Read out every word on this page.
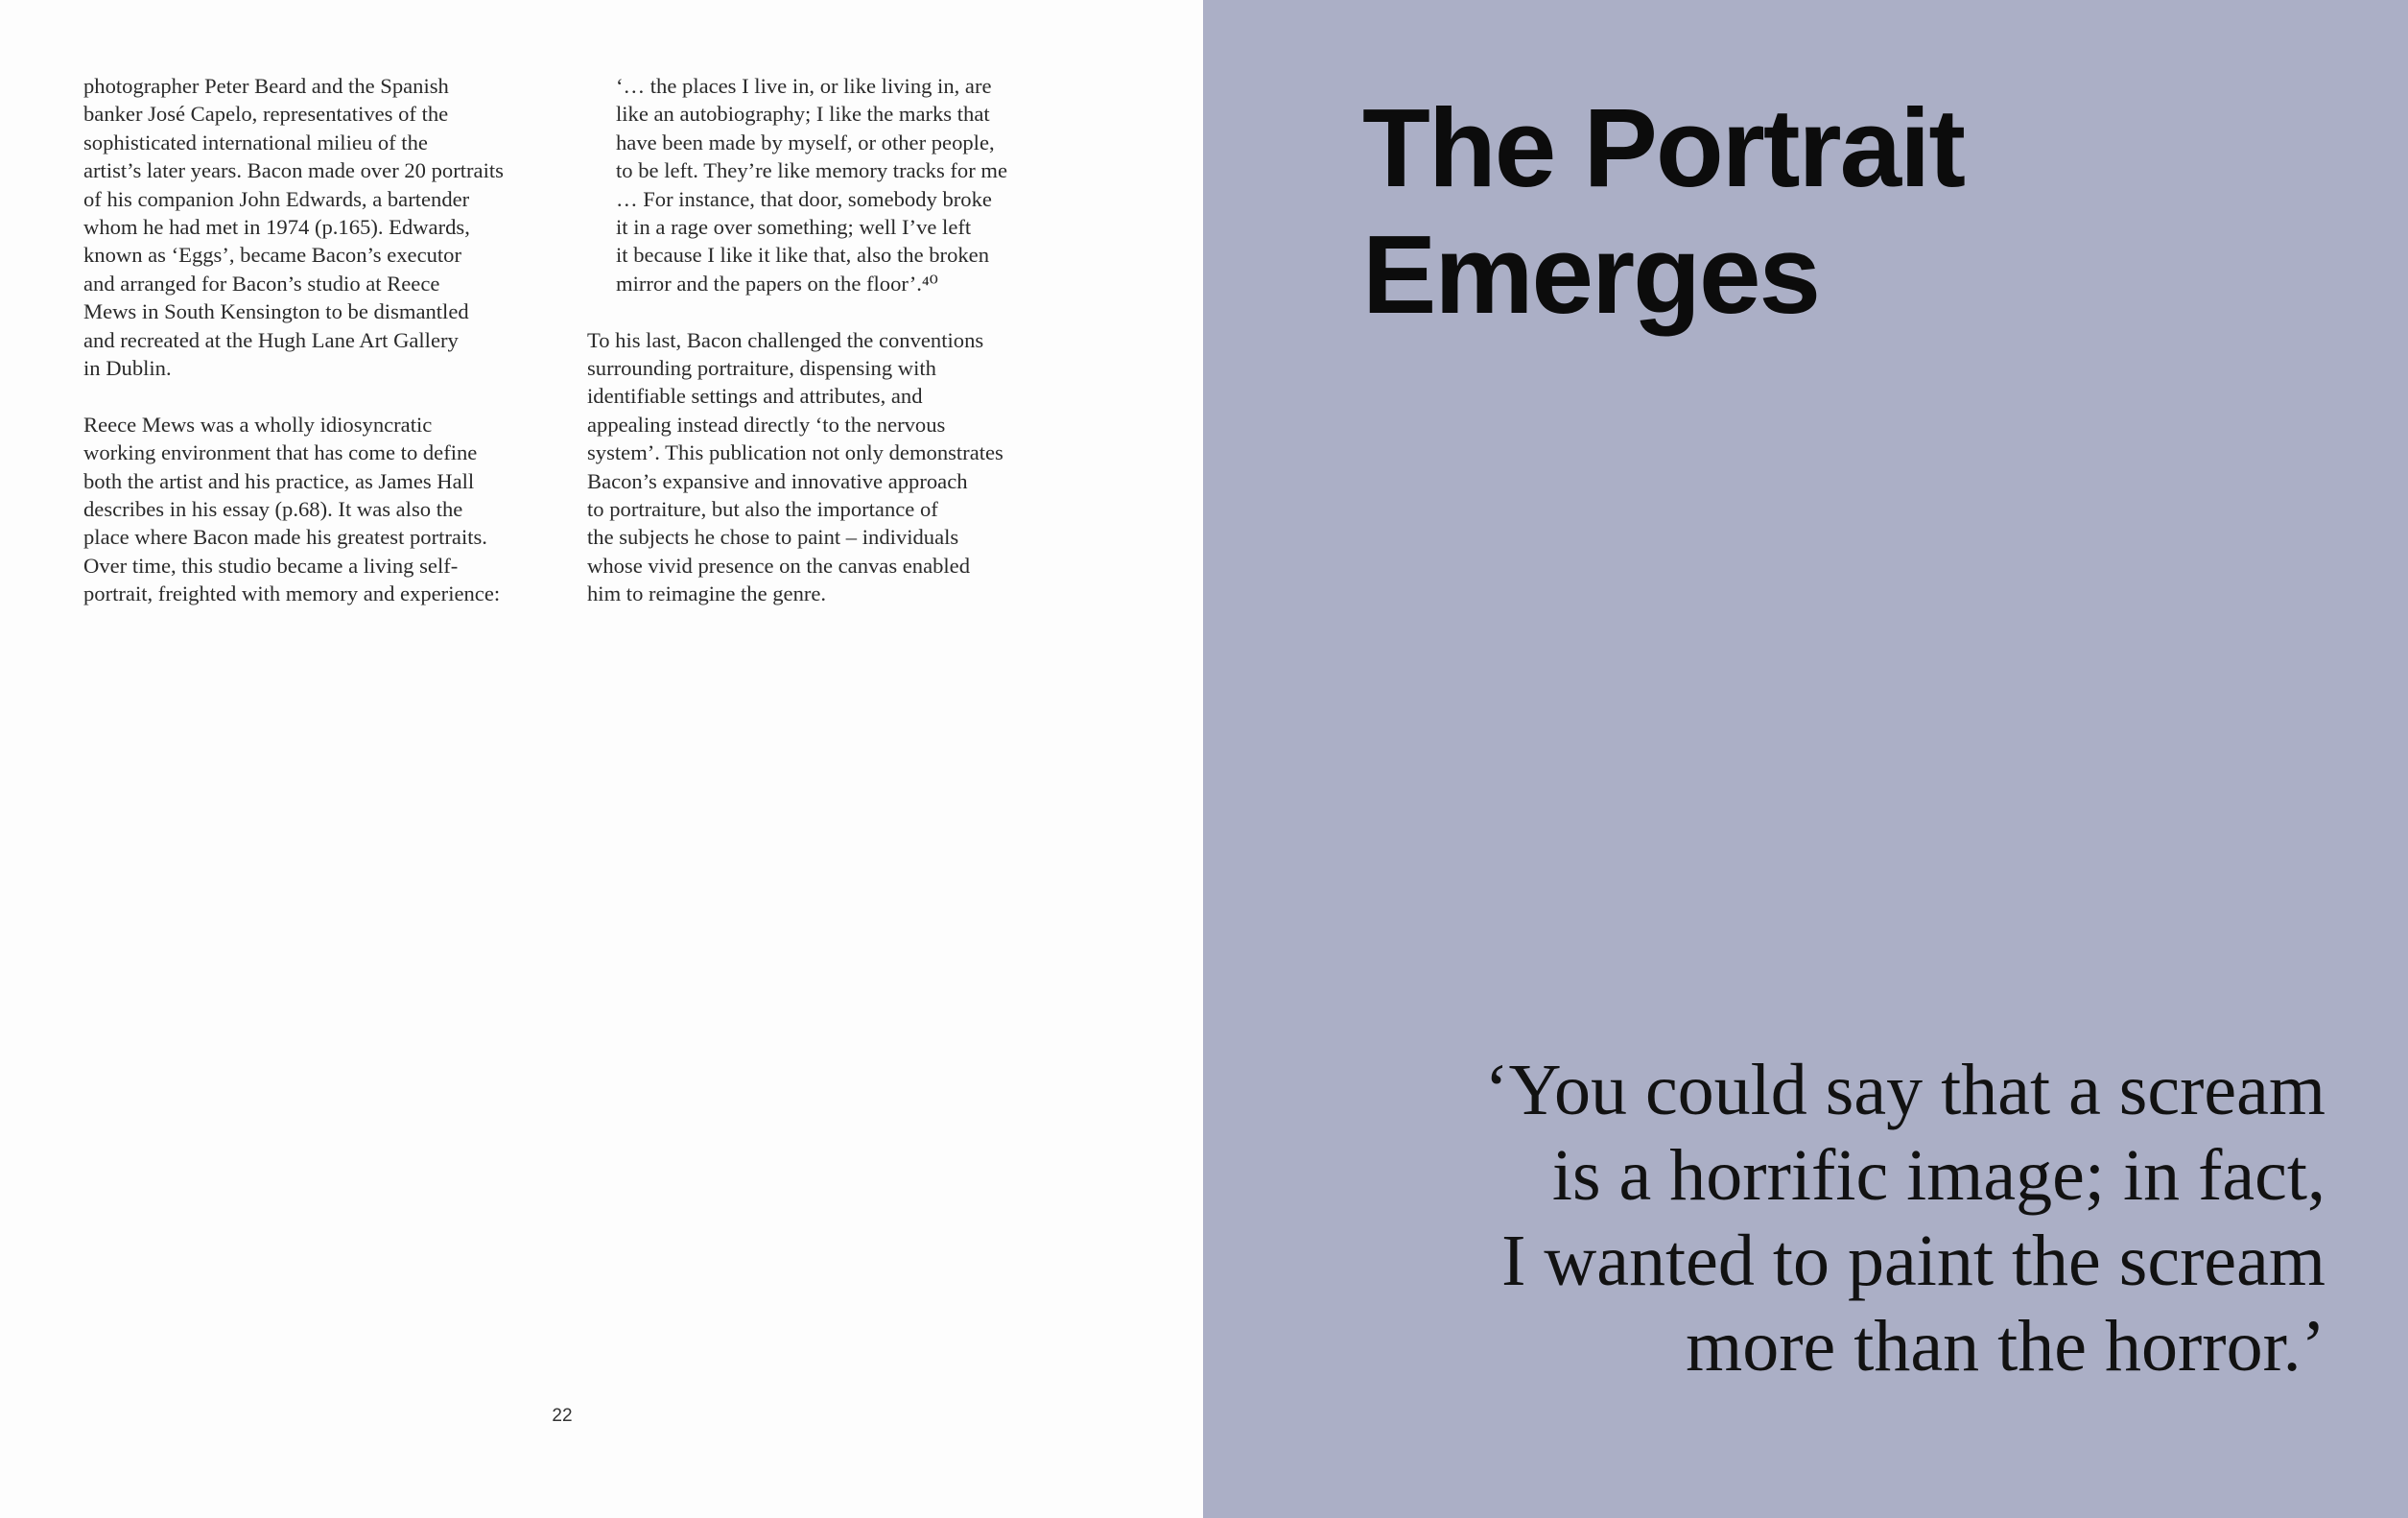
photographer Peter Beard and the Spanish
banker José Capelo, representatives of the
sophisticated international milieu of the
artist’s later years. Bacon made over 20 portraits
of his companion John Edwards, a bartender
whom he had met in 1974 (p.165). Edwards,
known as ‘Eggs’, became Bacon’s executor
and arranged for Bacon’s studio at Reece
Mews in South Kensington to be dismantled
and recreated at the Hugh Lane Art Gallery
in Dublin.
Reece Mews was a wholly idiosyncratic
working environment that has come to define
both the artist and his practice, as James Hall
describes in his essay (p.68). It was also the
place where Bacon made his greatest portraits.
Over time, this studio became a living self-
portrait, freighted with memory and experience:
‘… the places I live in, or like living in, are
like an autobiography; I like the marks that
have been made by myself, or other people,
to be left. They’re like memory tracks for me
… For instance, that door, somebody broke
it in a rage over something; well I’ve left
it because I like it like that, also the broken
mirror and the papers on the floor’.⁴⁰
To his last, Bacon challenged the conventions
surrounding portraiture, dispensing with
identifiable settings and attributes, and
appealing instead directly ‘to the nervous
system’. This publication not only demonstrates
Bacon’s expansive and innovative approach
to portraiture, but also the importance of
the subjects he chose to paint – individuals
whose vivid presence on the canvas enabled
him to reimagine the genre.
22
The Portrait
Emerges
‘You could say that a scream
is a horrific image; in fact,
I wanted to paint the scream
more than the horror.’
